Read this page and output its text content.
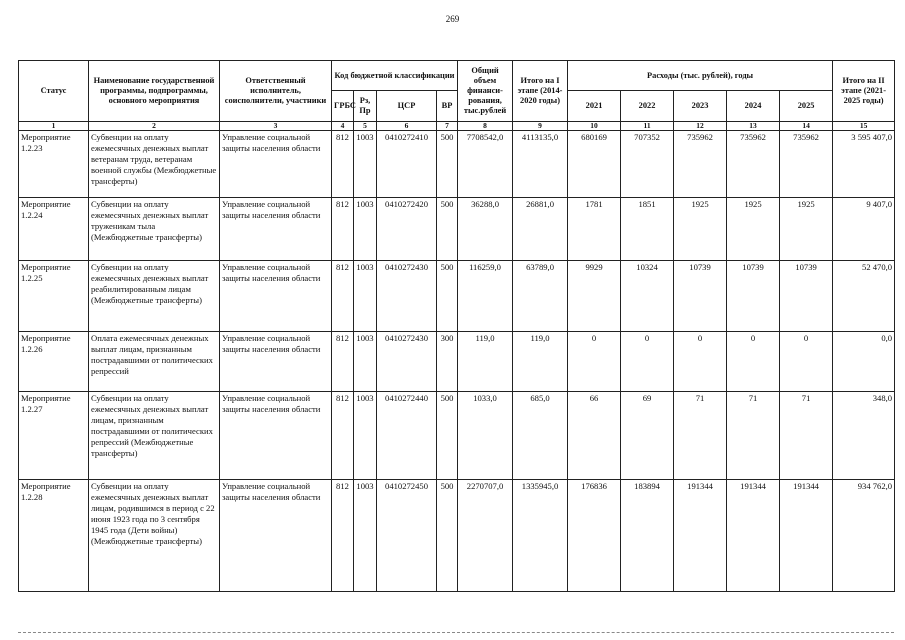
269
Статус	Наименование государственной программы, подпрограммы, основного мероприятия	Ответственный исполнитель, соисполнители, участники	Код бюджетной классификации				Общий объем финанси-рования, тыс.рублей	Итого на I этапе (2014-2020 годы)	Расходы (тыс. рублей), годы					Итого на II этапе (2021-2025 годы)
			ГРБС	Рз, Пр	ЦСР	ВР			2021	2022	2023	2024	2025	
1	2	3	4	5	6	7	8	9	10	11	12	13	14	15
Мероприятие 1.2.23	Субвенции на оплату ежемесячных денежных выплат ветеранам труда, ветеранам военной службы (Межбюджетные трансферты)	Управление социальной защиты населения области	812	1003	0410272410	500	7708542,0	4113135,0	680169	707352	735962	735962	735962	3 595 407,0
Мероприятие 1.2.24	Субвенции на оплату ежемесячных денежных выплат труженикам тыла (Межбюджетные трансферты)	Управление социальной защиты населения области	812	1003	0410272420	500	36288,0	26881,0	1781	1851	1925	1925	1925	9 407,0
Мероприятие 1.2.25	Субвенции на оплату ежемесячных денежных выплат реабилитированным лицам (Межбюджетные трансферты)	Управление социальной защиты населения области	812	1003	0410272430	500	116259,0	63789,0	9929	10324	10739	10739	10739	52 470,0
Мероприятие 1.2.26	Оплата ежемесячных денежных выплат лицам, признанным пострадавшими от политических репрессий	Управление социальной защиты населения области	812	1003	0410272430	300	119,0	119,0	0	0	0	0	0	0,0
Мероприятие 1.2.27	Субвенции на оплату ежемесячных денежных выплат лицам, признанным пострадавшими от политических репрессий (Межбюджетные трансферты)	Управление социальной защиты населения области	812	1003	0410272440	500	1033,0	685,0	66	69	71	71	71	348,0
Мероприятие 1.2.28	Субвенции на оплату ежемесячных денежных выплат лицам, родившимся в период с 22 июня 1923 года по 3 сентября 1945 года (Дети войны) (Межбюджетные трансферты)	Управление социальной защиты населения области	812	1003	0410272450	500	2270707,0	1335945,0	176836	183894	191344	191344	191344	934 762,0
